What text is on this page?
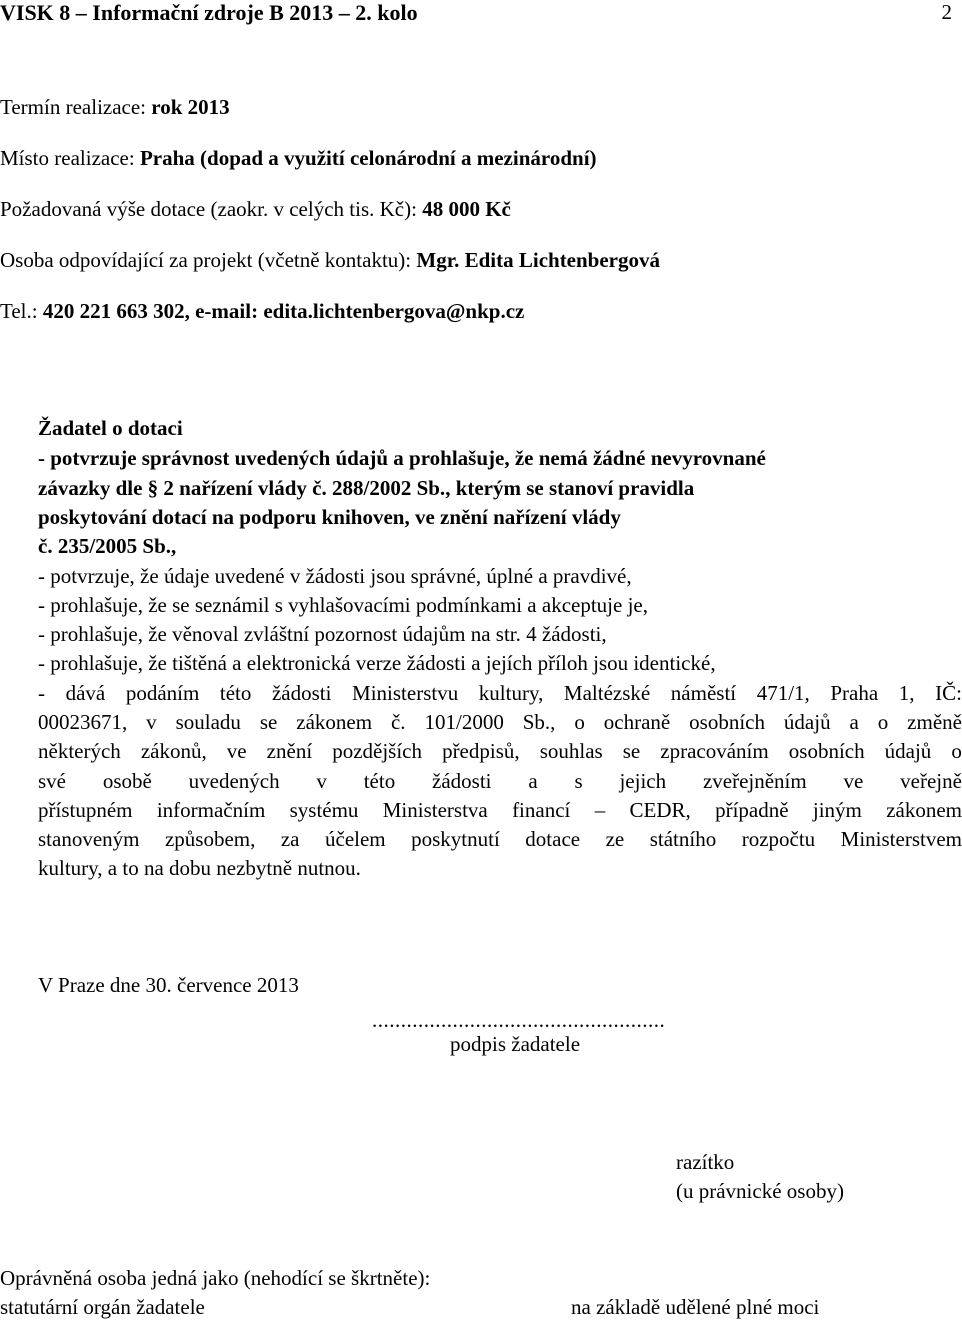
VISK 8 – Informační zdroje B 2013 – 2. kolo	2
Termín realizace: rok 2013
Místo realizace: Praha (dopad a využití celonárodní a mezinárodní)
Požadovaná výše dotace (zaokr. v celých tis. Kč): 48 000 Kč
Osoba odpovídající za projekt (včetně kontaktu): Mgr. Edita Lichtenbergová
Tel.: 420 221 663 302, e-mail: edita.lichtenbergova@nkp.cz
Žadatel o dotaci
- potvrzuje správnost uvedených údajů a prohlašuje, že nemá žádné nevyrovnané
závazky dle § 2 nařízení vlády č. 288/2002 Sb., kterým se stanoví pravidla
poskytování dotací na podporu knihoven, ve znění nařízení vlády
č. 235/2005 Sb.,
- potvrzuje, že údaje uvedené v žádosti jsou správné, úplné a pravdivé,
- prohlašuje, že se seznámil s vyhlašovacími podmínkami a akceptuje je,
- prohlašuje, že věnoval zvláštní pozornost údajům na str. 4 žádosti,
- prohlašuje, že tištěná a elektronická verze žádosti a jejích příloh jsou identické,
- dává podáním této žádosti Ministerstvu kultury, Maltézské náměstí 471/1, Praha 1, IČ:
00023671, v souladu se zákonem č. 101/2000 Sb., o ochraně osobních údajů a o změně
některých zákonů, ve znění pozdějších předpisů, souhlas se zpracováním osobních údajů o
své osobě uvedených v této žádosti a s jejich zveřejněním ve veřejně
přístupném informačním systému Ministerstva financí – CEDR, případně jiným zákonem
stanoveným způsobem, za účelem poskytnutí dotace ze státního rozpočtu Ministerstvem
kultury, a to na dobu nezbytně nutnou.
V Praze dne 30. července 2013
...................................................
podpis žadatele
razítko
(u právnické osoby)
Oprávněná osoba jedná jako (nehodící se škrtněte):
statutární orgán žadatele	na základě udělené plné moci
